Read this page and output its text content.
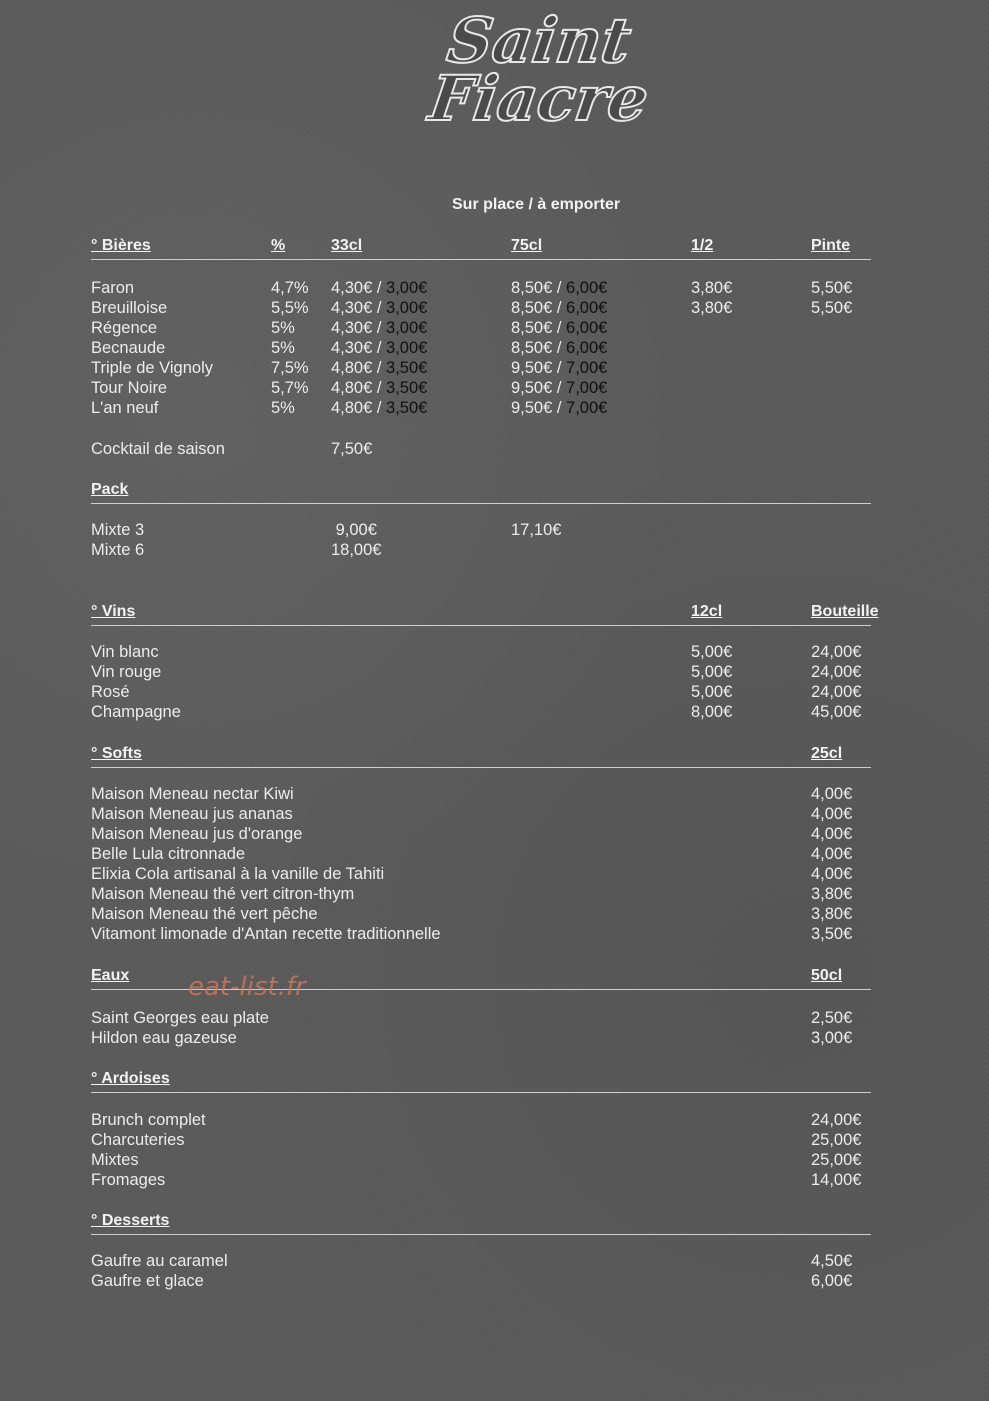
Saint
Fiacre
Sur place / à emporter
° Bières	%	33cl	75cl	1/2	Pinte
Faron	4,7% 4,30€ / 3,00€	8,50€ / 6,00€	3,80€	5,50€
Breuilloise	5,5% 4,30€ / 3,00€	8,50€ / 6,00€	3,80€	5,50€
Régence	5% 4,30€ / 3,00€	8,50€ / 6,00€
Becnaude	5% 4,30€ / 3,00€	8,50€ / 6,00€
Triple de Vignoly	7,5% 4,80€ / 3,50€	9,50€ / 7,00€
Tour Noire	5,7% 4,80€ / 3,50€	9,50€ / 7,00€
L'an neuf	5% 4,80€ / 3,50€	9,50€ / 7,00€
Cocktail de saison	7,50€
Pack
Mixte 3	9,00€	17,10€
Mixte 6	18,00€
° Vins	12cl	Bouteille
Vin blanc	5,00€	24,00€
Vin rouge	5,00€	24,00€
Rosé	5,00€	24,00€
Champagne	8,00€	45,00€
° Softs	25cl
Maison Meneau nectar Kiwi	4,00€
Maison Meneau jus ananas	4,00€
Maison Meneau jus d'orange	4,00€
Belle Lula citronnade	4,00€
Elixia Cola artisanal à la vanille de Tahiti	4,00€
Maison Meneau thé vert citron-thym	3,80€
Maison Meneau thé vert pêche	3,80€
Vitamont limonade d'Antan recette traditionnelle	3,50€
Eaux	50cl
eat-list.fr
Saint Georges eau plate	2,50€
Hildon eau gazeuse	3,00€
° Ardoises
Brunch complet	24,00€
Charcuteries	25,00€
Mixtes	25,00€
Fromages	14,00€
° Desserts
Gaufre au caramel	4,50€
Gaufre et glace	6,00€
